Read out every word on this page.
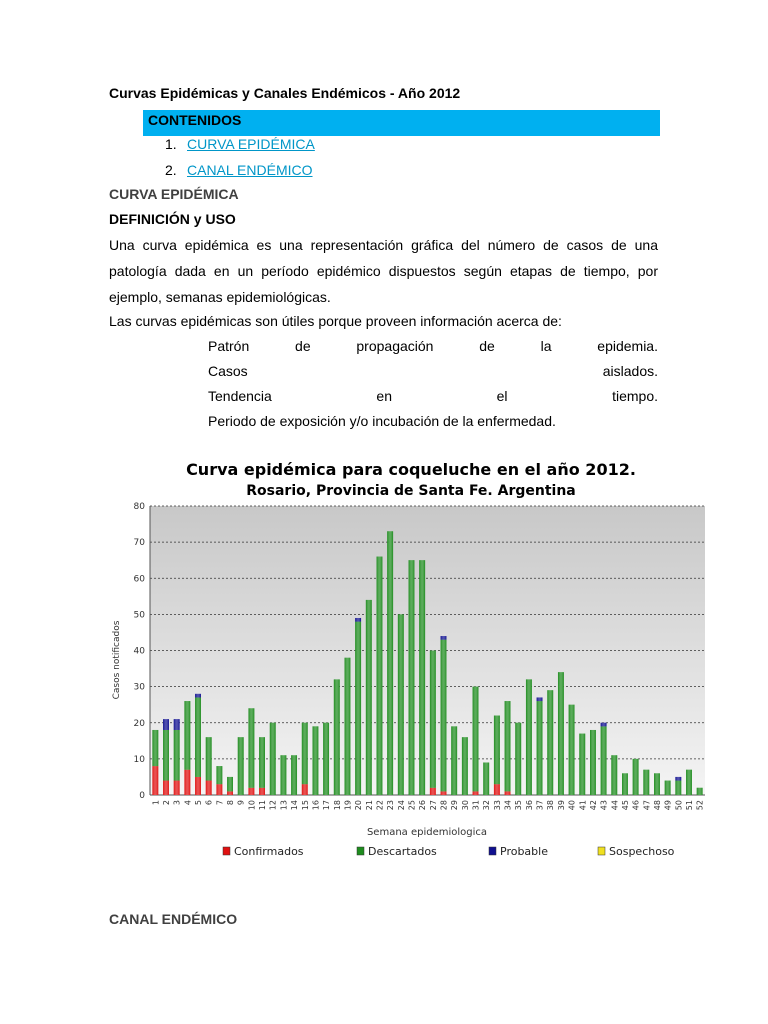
Curvas Epidémicas y Canales Endémicos - Año 2012
CONTENIDOS
1. CURVA EPIDÉMICA
2. CANAL ENDÉMICO
CURVA EPIDÉMICA
DEFINICIÓN y USO
Una curva epidémica es una representación gráfica del número de casos de una patología dada en un período epidémico dispuestos según etapas de tiempo, por ejemplo, semanas epidemiológicas.
Las curvas epidémicas son útiles porque proveen información acerca de:
Patrón de propagación de la epidemia.
Casos aislados.
Tendencia en el tiempo.
Periodo de exposición y/o incubación de la enfermedad.
Curva epidémica para coqueluche en el año 2012.
Rosario, Provincia de Santa Fe. Argentina
0
10
20
30
40
50
60
70
80
1 2 3 4 5 6 7 8 9 10 11 12 13 14 15 16 17 18 19 20 21 22 23 24 25 26 27 28 29 30 31 32 33 34 35 36 37 38 39 40 41 42 43 44 45 46 47 48 49 50 51 52
Casos notificados
Semana epidemiologica
Confirmados	Descartados	Probable	Sospechoso
CANAL ENDÉMICO
